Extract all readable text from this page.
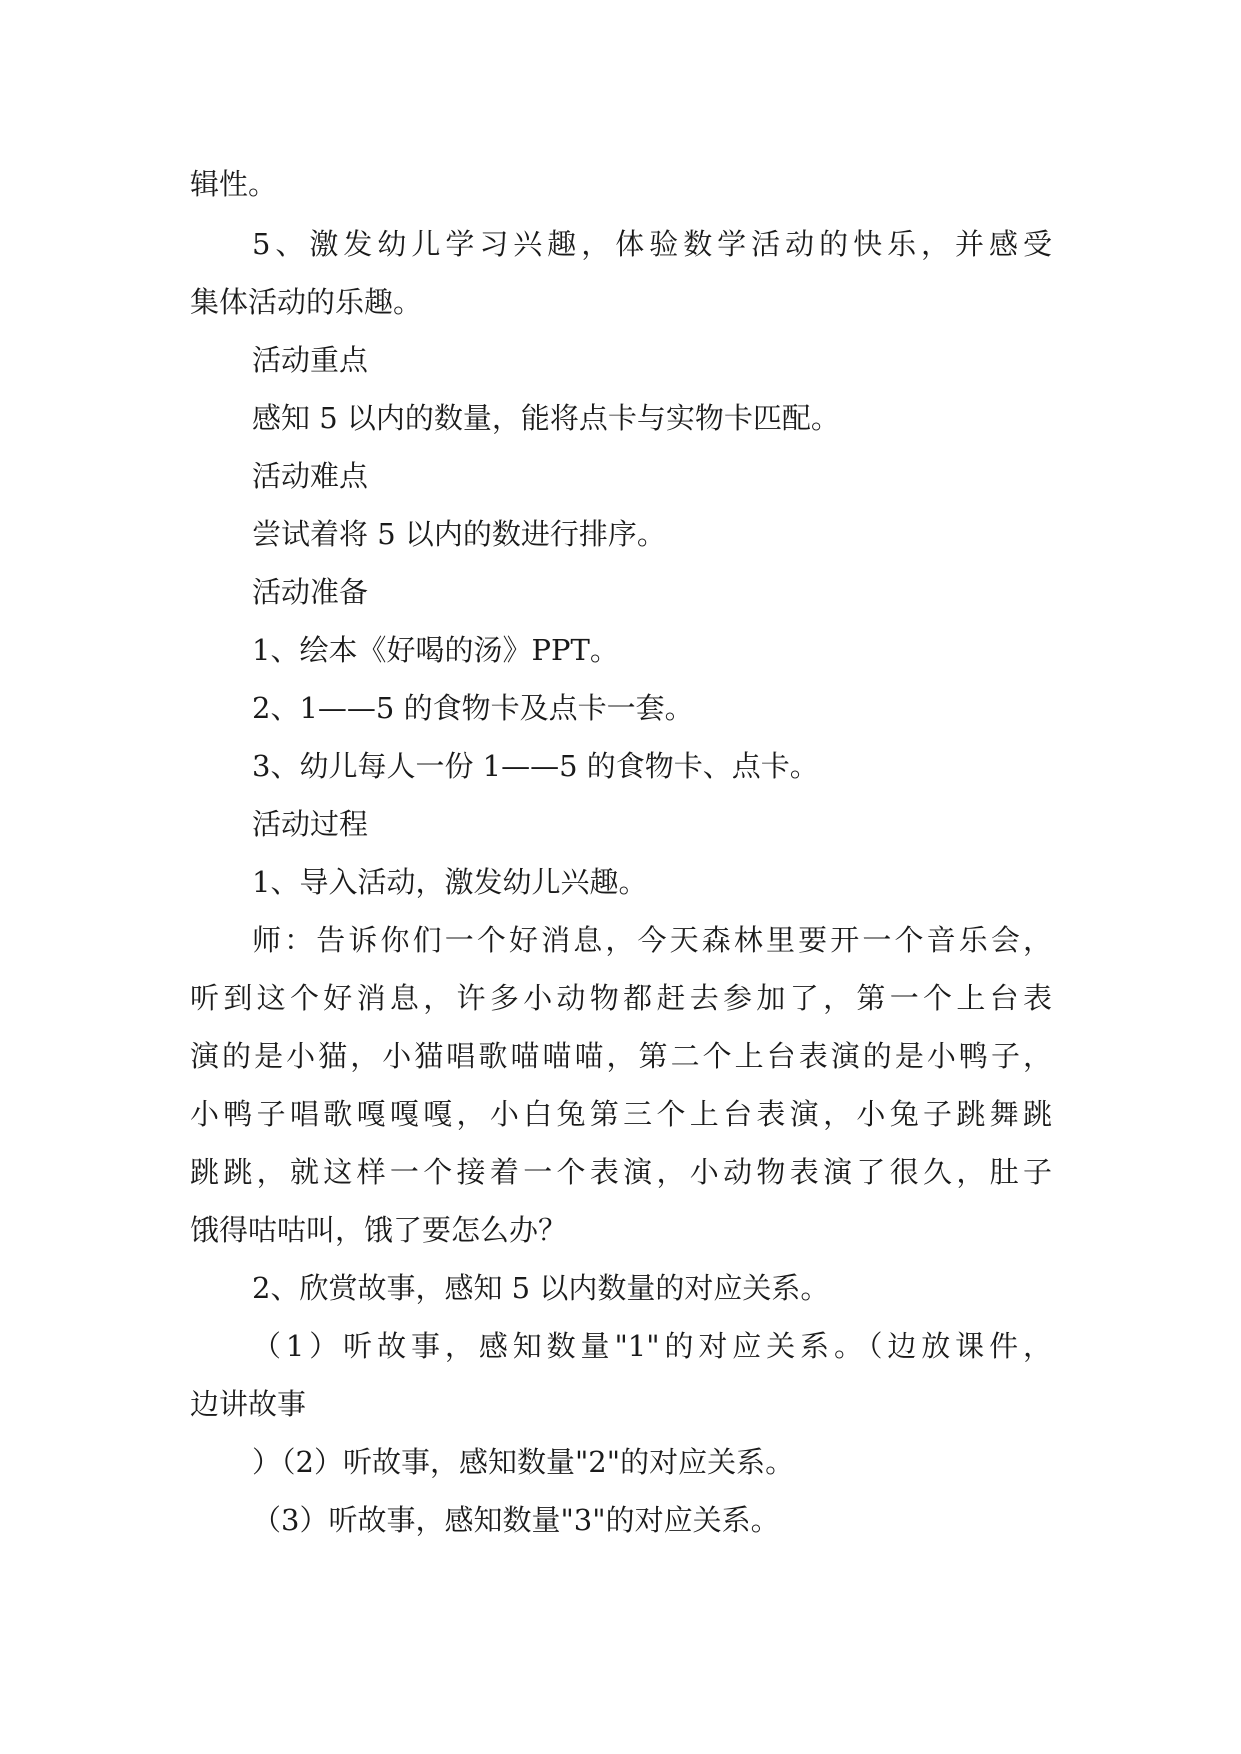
辑性。
5、激发幼儿学习兴趣，体验数学活动的快乐，并感受
集体活动的乐趣。
活动重点
感知 5 以内的数量，能将点卡与实物卡匹配。
活动难点
尝试着将 5 以内的数进行排序。
活动准备
1、绘本《好喝的汤》PPT。
2、1——5 的食物卡及点卡一套。
3、幼儿每人一份 1——5 的食物卡、点卡。
活动过程
1、导入活动，激发幼儿兴趣。
师：告诉你们一个好消息，今天森林里要开一个音乐会，
听到这个好消息，许多小动物都赶去参加了，第一个上台表
演的是小猫，小猫唱歌喵喵喵，第二个上台表演的是小鸭子，
小鸭子唱歌嘎嘎嘎，小白兔第三个上台表演，小兔子跳舞跳
跳跳，就这样一个接着一个表演，小动物表演了很久，肚子
饿得咕咕叫，饿了要怎么办？
2、欣赏故事，感知 5 以内数量的对应关系。
（1）听故事，感知数量"1"的对应关系。（边放课件，
边讲故事
）（2）听故事，感知数量"2"的对应关系。
（3）听故事，感知数量"3"的对应关系。
